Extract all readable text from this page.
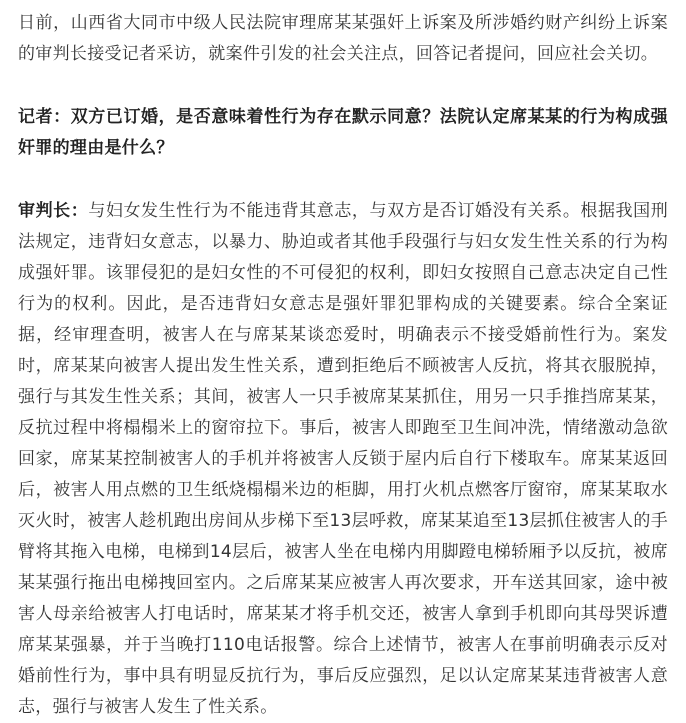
日前，山西省大同市中级人民法院审理席某某强奸上诉案及所涉婚约财产纠纷上诉案的审判长接受记者采访，就案件引发的社会关注点，回答记者提问，回应社会关切。

记者：双方已订婚，是否意味着性行为存在默示同意？法院认定席某某的行为构成强奸罪的理由是什么？

审判长：与妇女发生性行为不能违背其意志，与双方是否订婚没有关系。根据我国刑法规定，违背妇女意志，以暴力、胁迫或者其他手段强行与妇女发生性关系的行为构成强奸罪。该罪侵犯的是妇女性的不可侵犯的权利，即妇女按照自己意志决定自己性行为的权利。因此，是否违背妇女意志是强奸罪犯罪构成的关键要素。综合全案证据，经审理查明，被害人在与席某某谈恋爱时，明确表示不接受婚前性行为。案发时，席某某向被害人提出发生性关系，遭到拒绝后不顾被害人反抗，将其衣服脱掉，强行与其发生性关系；其间，被害人一只手被席某某抓住，用另一只手推挡席某某，反抗过程中将榻榻米上的窗帘拉下。事后，被害人即跑至卫生间冲洗，情绪激动急欲回家，席某某控制被害人的手机并将被害人反锁于屋内后自行下楼取车。席某某返回后，被害人用点燃的卫生纸烧榻榻米边的柜脚，用打火机点燃客厅窗帘，席某某取水灭火时，被害人趁机跑出房间从步梯下至13层呼救，席某某追至13层抓住被害人的手臂将其拖入电梯，电梯到14层后，被害人坐在电梯内用脚蹬电梯轿厢予以反抗，被席某某强行拖出电梯拽回室内。之后席某某应被害人再次要求，开车送其回家，途中被害人母亲给被害人打电话时，席某某才将手机交还，被害人拿到手机即向其母哭诉遭席某某强暴，并于当晚打110电话报警。综合上述情节，被害人在事前明确表示反对婚前性行为，事中具有明显反抗行为，事后反应强烈，足以认定席某某违背被害人意志，强行与被害人发生了性关系。
